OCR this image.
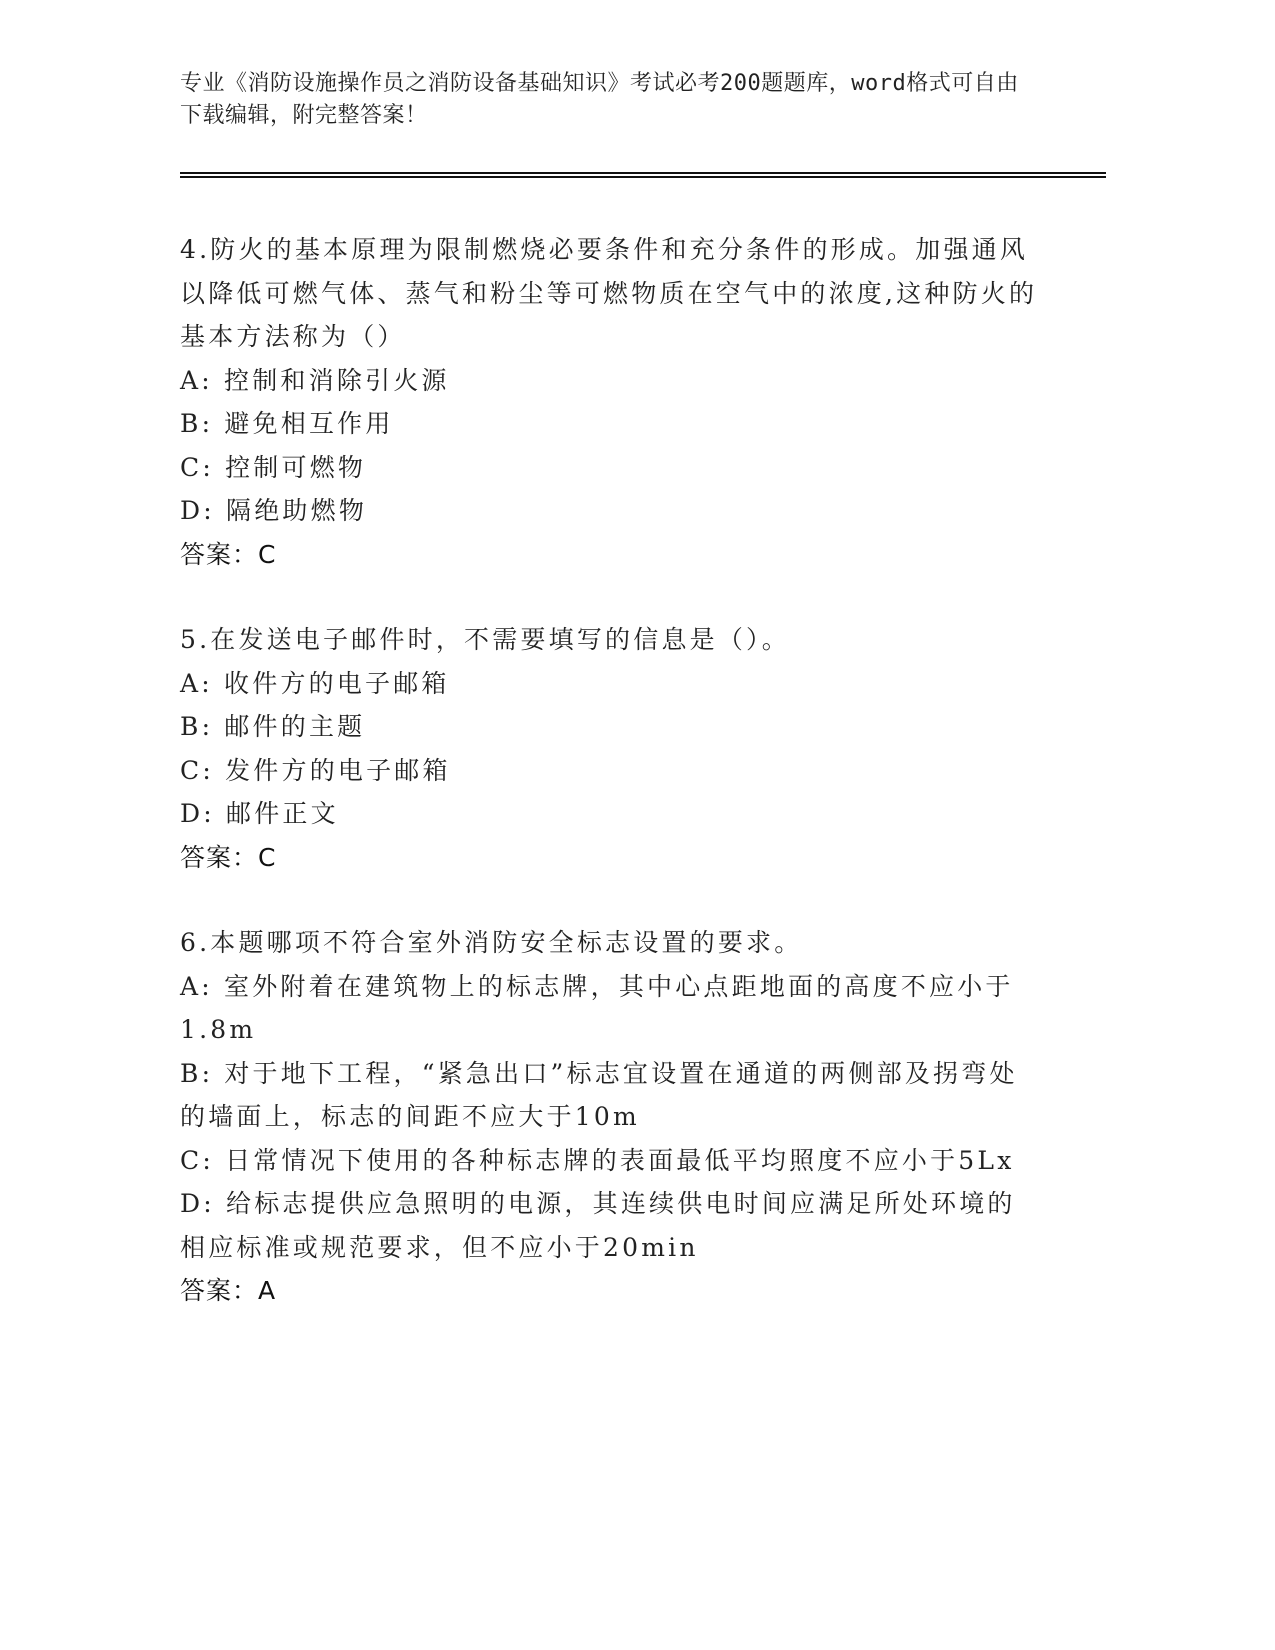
专业《消防设施操作员之消防设备基础知识》考试必考200题题库，word格式可自由下载编辑，附完整答案！
4.防火的基本原理为限制燃烧必要条件和充分条件的形成。加强通风以降低可燃气体、蒸气和粉尘等可燃物质在空气中的浓度,这种防火的基本方法称为（）
A: 控制和消除引火源
B: 避免相互作用
C: 控制可燃物
D: 隔绝助燃物
答案：C
5.在发送电子邮件时，不需要填写的信息是（）。
A: 收件方的电子邮箱
B: 邮件的主题
C: 发件方的电子邮箱
D: 邮件正文
答案：C
6.本题哪项不符合室外消防安全标志设置的要求。
A: 室外附着在建筑物上的标志牌，其中心点距地面的高度不应小于1.8m
B: 对于地下工程，“紧急出口”标志宜设置在通道的两侧部及拐弯处的墙面上，标志的间距不应大于10m
C: 日常情况下使用的各种标志牌的表面最低平均照度不应小于5Lx
D: 给标志提供应急照明的电源，其连续供电时间应满足所处环境的相应标准或规范要求，但不应小于20min
答案：A
